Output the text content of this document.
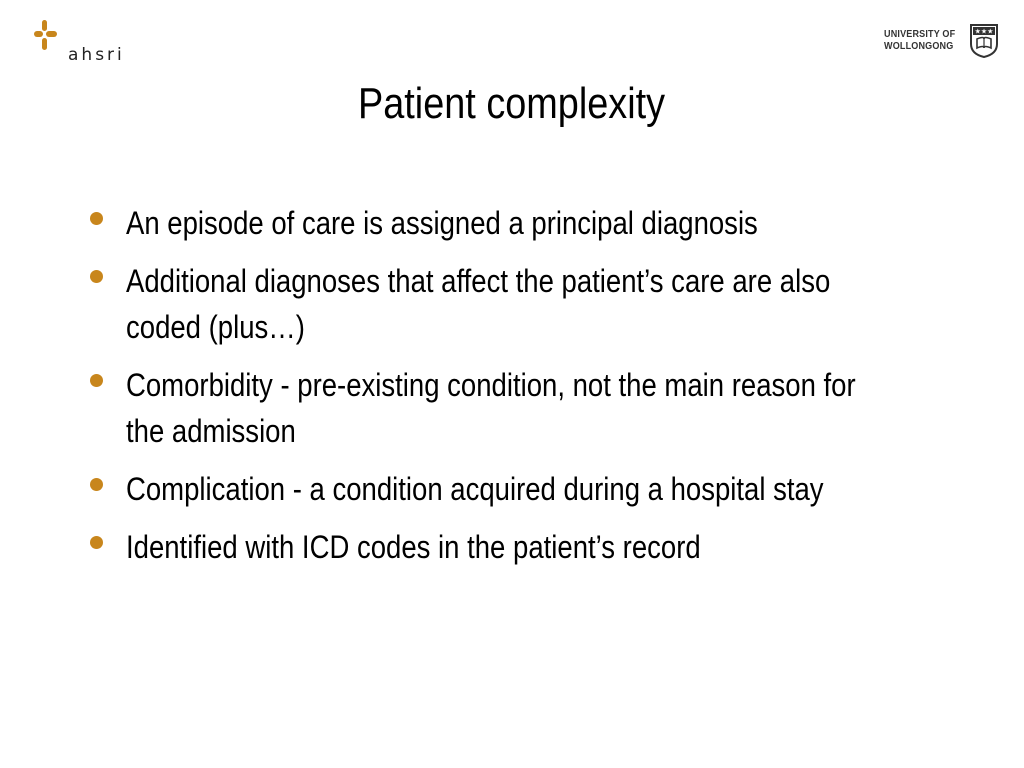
ahsri
UNIVERSITY OF
WOLLONGONG
★★★
Patient complexity
An episode of care is assigned a principal diagnosis
Additional diagnoses that affect the patient’s care are also coded (plus…)
Comorbidity - pre-existing condition, not the main reason for the admission
Complication - a condition acquired during a hospital stay
Identified with ICD codes in the patient’s record
